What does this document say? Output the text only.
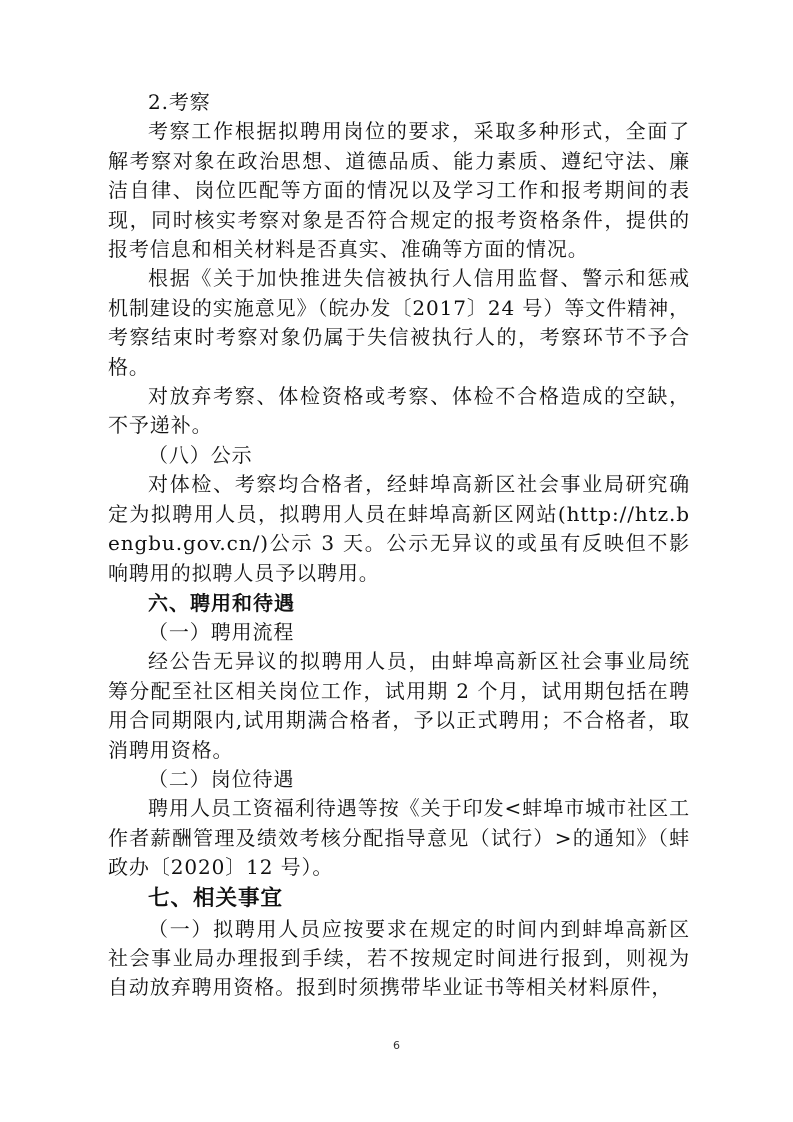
2.考察

考察工作根据拟聘用岗位的要求，采取多种形式，全面了解考察对象在政治思想、道德品质、能力素质、遵纪守法、廉洁自律、岗位匹配等方面的情况以及学习工作和报考期间的表现，同时核实考察对象是否符合规定的报考资格条件，提供的报考信息和相关材料是否真实、准确等方面的情况。

根据《关于加快推进失信被执行人信用监督、警示和惩戒机制建设的实施意见》（皖办发〔2017〕24 号）等文件精神，考察结束时考察对象仍属于失信被执行人的，考察环节不予合格。

对放弃考察、体检资格或考察、体检不合格造成的空缺，不予递补。

（八）公示

对体检、考察均合格者，经蚌埠高新区社会事业局研究确定为拟聘用人员，拟聘用人员在蚌埠高新区网站(http://htz.bengbu.gov.cn/)公示 3 天。公示无异议的或虽有反映但不影响聘用的拟聘人员予以聘用。

六、聘用和待遇

（一）聘用流程

经公告无异议的拟聘用人员，由蚌埠高新区社会事业局统筹分配至社区相关岗位工作，试用期 2 个月，试用期包括在聘用合同期限内,试用期满合格者，予以正式聘用；不合格者，取消聘用资格。

（二）岗位待遇

聘用人员工资福利待遇等按《关于印发<蚌埠市城市社区工作者薪酬管理及绩效考核分配指导意见（试行）>的通知》（蚌政办〔2020〕12 号）。

七、相关事宜

（一）拟聘用人员应按要求在规定的时间内到蚌埠高新区社会事业局办理报到手续，若不按规定时间进行报到，则视为自动放弃聘用资格。报到时须携带毕业证书等相关材料原件，

6
